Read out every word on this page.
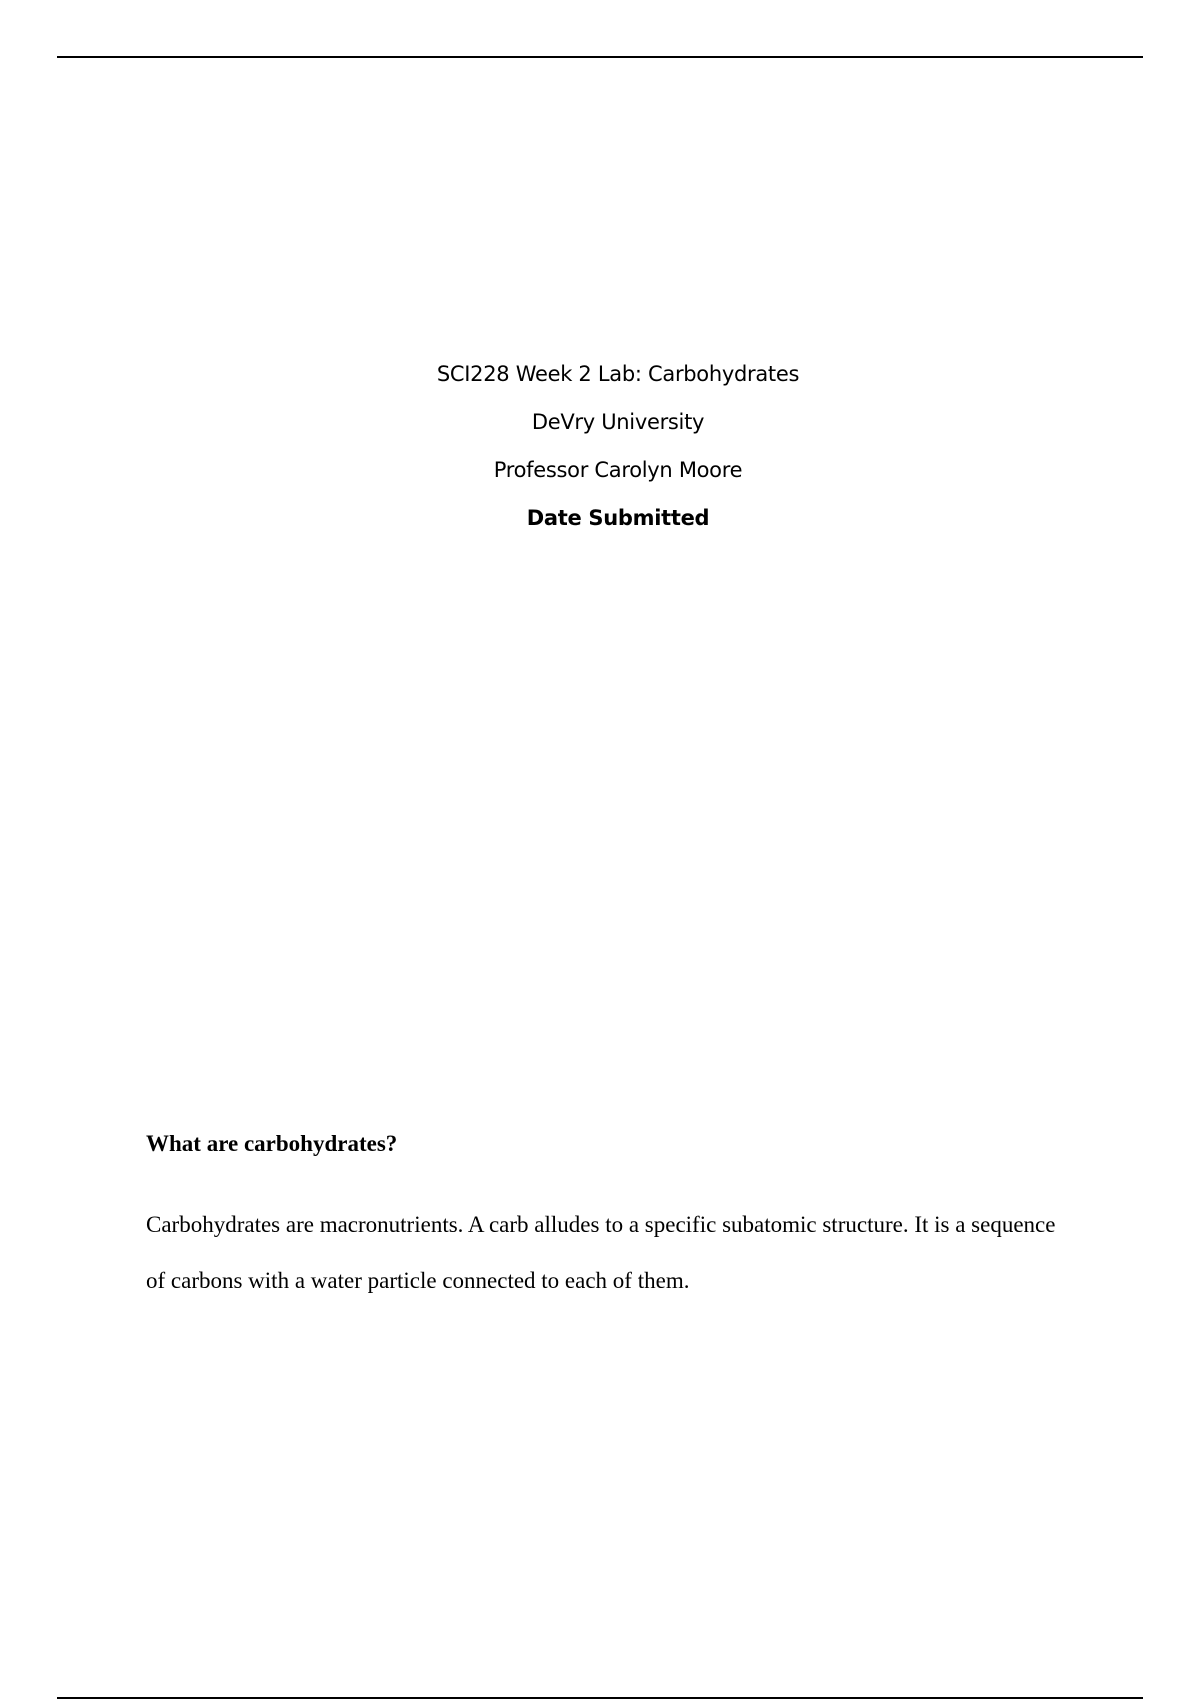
SCI228 Week 2 Lab: Carbohydrates
DeVry University
Professor Carolyn Moore
Date Submitted

What are carbohydrates?

Carbohydrates are macronutrients. A carb alludes to a specific subatomic structure. It is a sequence of carbons with a water particle connected to each of them.
